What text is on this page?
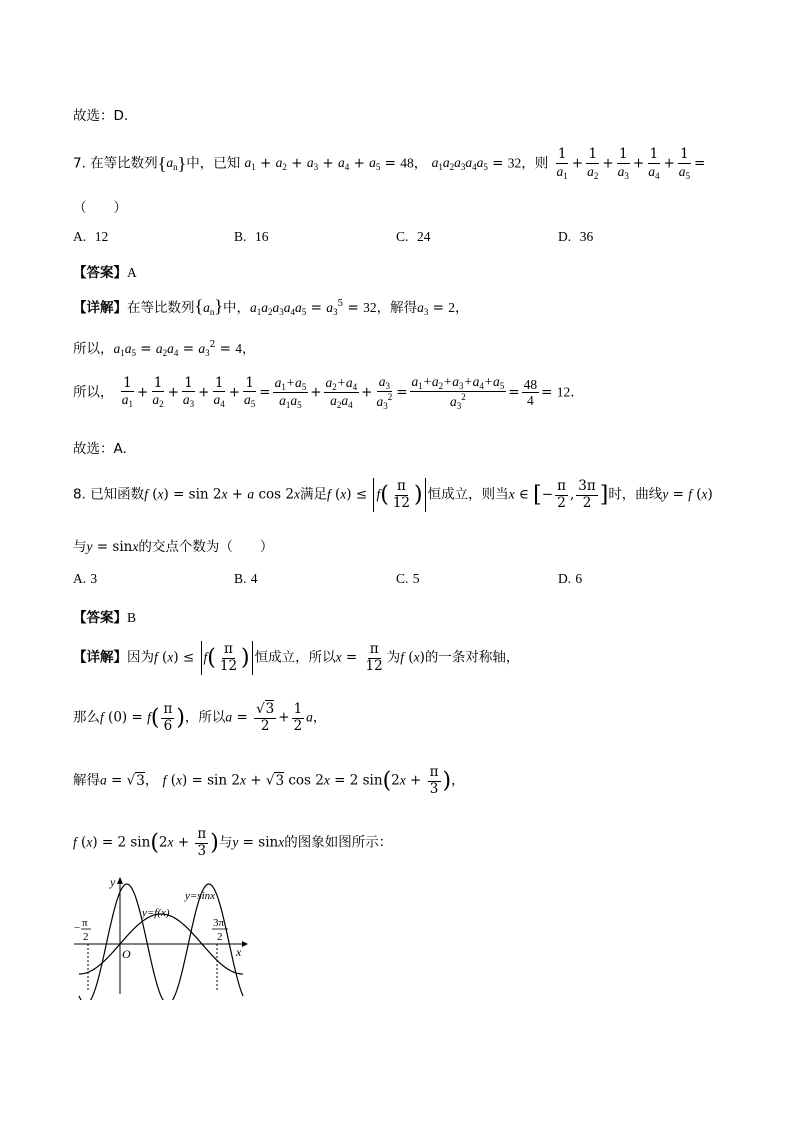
故选：D.
7. 在等比数列$\{a_n\}$中，已知 $a_1 + a_2 + a_3 + a_4 + a_5 = 48$， $a_1a_2a_3a_4a_5 = 32$，则 $\frac{1}{a_1} + \frac{1}{a_2} + \frac{1}{a_3} + \frac{1}{a_4} + \frac{1}{a_5}$ =
（　　）
A. 12	B. 16	C. 24	D. 36
【答案】A
【详解】在等比数列$\{a_n\}$中，$a_1a_2a_3a_4a_5 = a_3^5 = 32$，解得$a_3 = 2$，
所以，$a_1a_5 = a_2a_4 = a_3^2 = 4$，
所以， $\frac{1}{a_1} + \frac{1}{a_2} + \frac{1}{a_3} + \frac{1}{a_4} + \frac{1}{a_5} = \frac{a_1+a_5}{a_1a_5} + \frac{a_2+a_4}{a_2a_4} + \frac{a_3}{a_3^2} = \frac{a_1+a_2+a_3+a_4+a_5}{a_3^2} = \frac{48}{4} = 12$.
故选：A.
8. 已知函数f (x) = sin 2x + a cos 2x满足f $(x) \le f( \frac{\pi}{12}$ ) 恒成立，则当x ∈ [− $\frac{\pi}{2}$ , $\frac{3\pi}{2}$ ]时，曲线y = f (x)
与y = sinx的交点个数为（　　）
A. 3	B. 4	C. 5	D. 6
【答案】B
【详解】因为f $(x) \le f( \frac{\pi}{12}$ ) 恒成立，所以$x = \frac{\pi}{12}$ 为f (x)的一条对称轴，
那么f $(0) = f( \frac{\pi}{6}$ )，所以$a = \frac{√3}{2} + \frac{1}{2}$ a，
解得a = √3， f (x) = sin 2x + √3 cos 2x = 2 $\sin(2x + \frac{\pi}{3}$ )，
f (x) = 2 $\sin(2x + \frac{\pi}{3}$ )与y = sinx的图象如图所示：
y
x
O
y=f(x)
y=sinx
− π
2
3π
2
